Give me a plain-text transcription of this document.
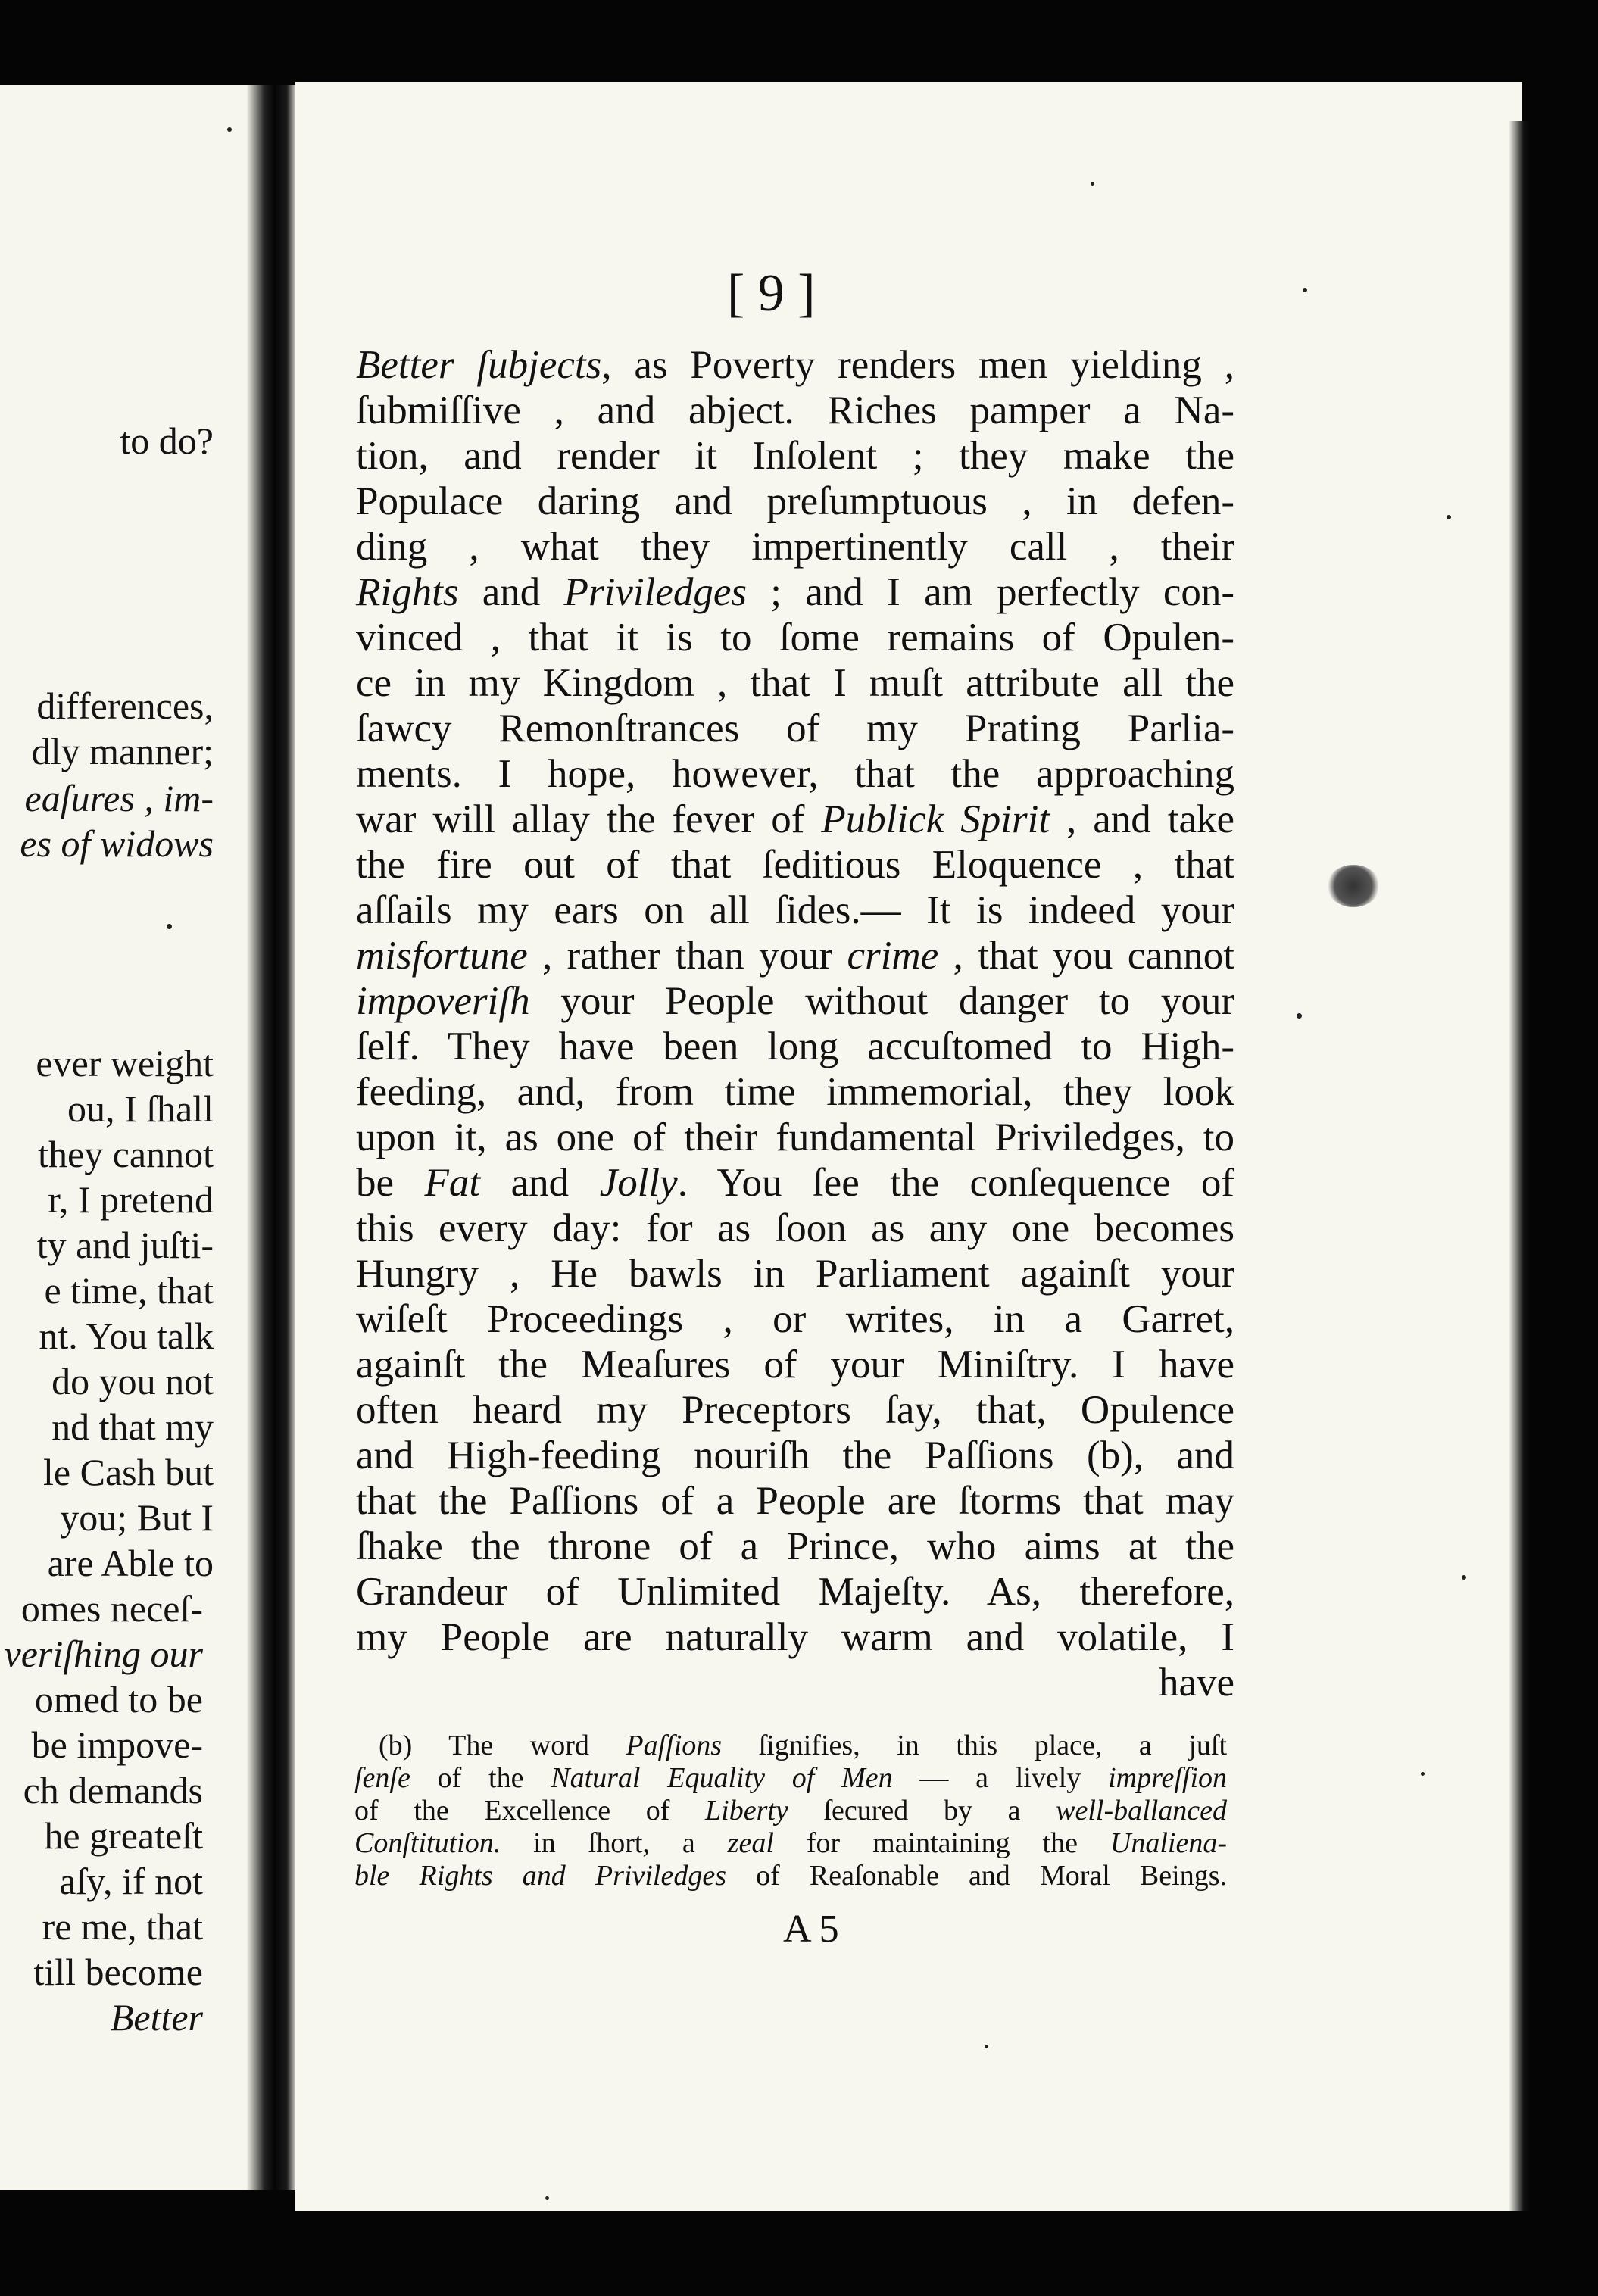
to do?
differences,
dly manner;
eaſures , im-
es of widows
ever weight
ou, I ſhall
they cannot
r, I pretend
ty and juſti-
e time, that
nt. You talk
do you not
nd that my
le Cash but
you; But I
are Able to
omes neceſ-
veriſhing our
omed to be
be impove-
ch demands
he greateſt
aſy, if not
re me, that
till become
Better
[ 9 ]
Better ſubjects, as Poverty renders men yielding ,
ſubmiſſive , and abject. Riches pamper a Na-
tion, and render it Inſolent ; they make the
Populace daring and preſumptuous , in defen-
ding , what they impertinently call , their
Rights and Priviledges ; and I am perfectly con-
vinced , that it is to ſome remains of Opulen-
ce in my Kingdom , that I muſt attribute all the
ſawcy Remonſtrances of my Prating Parlia-
ments. I hope, however, that the approaching
war will allay the fever of Publick Spirit , and take
the fire out of that ſeditious Eloquence , that
aſſails my ears on all ſides.— It is indeed your
misfortune , rather than your crime , that you cannot
impoveriſh your People without danger to your
ſelf. They have been long accuſtomed to High-
feeding, and, from time immemorial, they look
upon it, as one of their fundamental Priviledges, to
be Fat and Jolly. You ſee the conſequence of
this every day: for as ſoon as any one becomes
Hungry , He bawls in Parliament againſt your
wiſeſt Proceedings , or writes, in a Garret,
againſt the Meaſures of your Miniſtry. I have
often heard my Preceptors ſay, that, Opulence
and High-feeding nouriſh the Paſſions (b), and
that the Paſſions of a People are ſtorms that may
ſhake the throne of a Prince, who aims at the
Grandeur of Unlimited Majeſty. As, therefore,
my People are naturally warm and volatile, I
have
(b) The word Paſſions ſignifies, in this place, a juſt
ſenſe of the Natural Equality of Men — a lively impreſſion
of the Excellence of Liberty ſecured by a well-ballanced
Conſtitution. in ſhort, a zeal for maintaining the Unaliena-
ble Rights and Priviledges of Reaſonable and Moral Beings.
A 5
